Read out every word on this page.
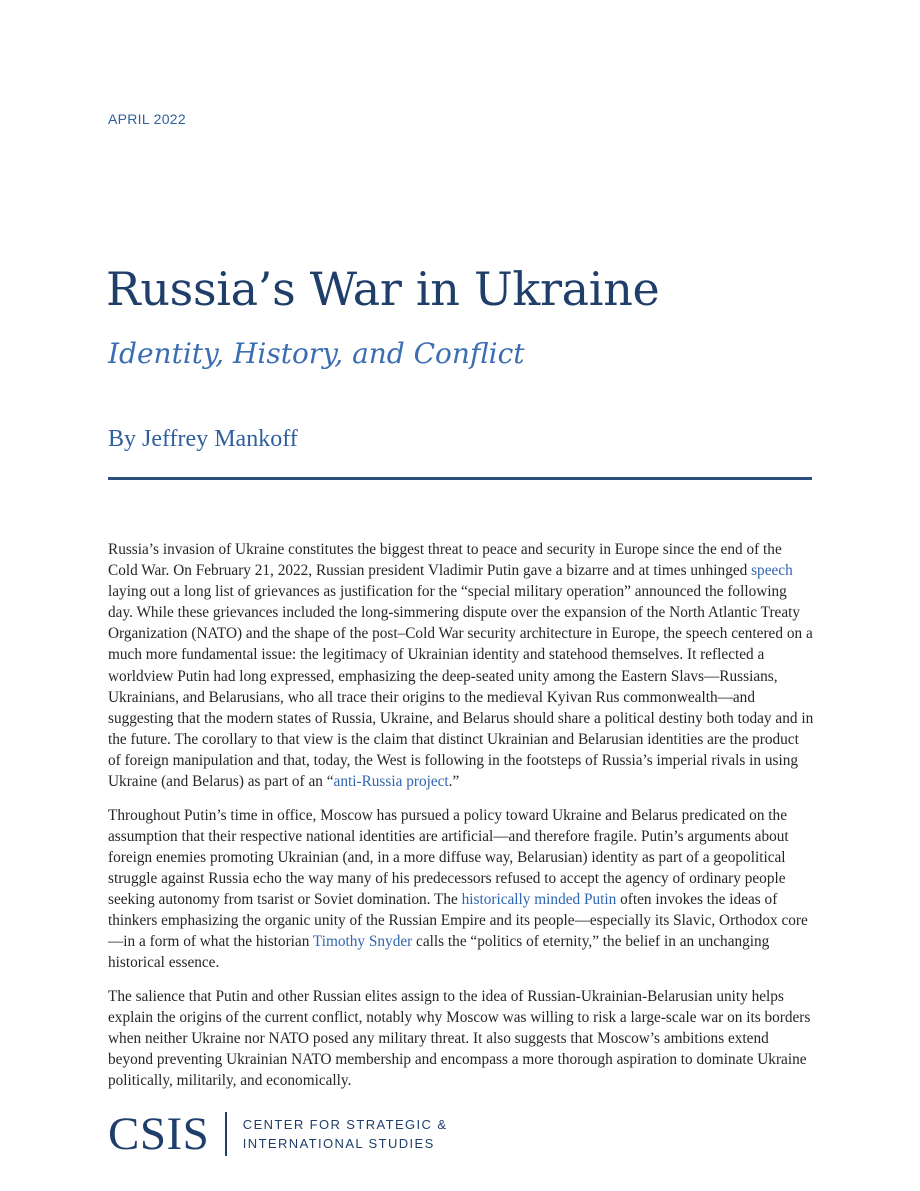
APRIL 2022
Russia’s War in Ukraine
Identity, History, and Conflict
By Jeffrey Mankoff

Russia’s invasion of Ukraine constitutes the biggest threat to peace and security in Europe since the end of the Cold War. On February 21, 2022, Russian president Vladimir Putin gave a bizarre and at times unhinged speech laying out a long list of grievances as justification for the “special military operation” announced the following day. While these grievances included the long-simmering dispute over the expansion of the North Atlantic Treaty Organization (NATO) and the shape of the post–Cold War security architecture in Europe, the speech centered on a much more fundamental issue: the legitimacy of Ukrainian identity and statehood themselves. It reflected a worldview Putin had long expressed, emphasizing the deep-seated unity among the Eastern Slavs—Russians, Ukrainians, and Belarusians, who all trace their origins to the medieval Kyivan Rus commonwealth—and suggesting that the modern states of Russia, Ukraine, and Belarus should share a political destiny both today and in the future. The corollary to that view is the claim that distinct Ukrainian and Belarusian identities are the product of foreign manipulation and that, today, the West is following in the footsteps of Russia’s imperial rivals in using Ukraine (and Belarus) as part of an “anti-Russia project.”

Throughout Putin’s time in office, Moscow has pursued a policy toward Ukraine and Belarus predicated on the assumption that their respective national identities are artificial—and therefore fragile. Putin’s arguments about foreign enemies promoting Ukrainian (and, in a more diffuse way, Belarusian) identity as part of a geopolitical struggle against Russia echo the way many of his predecessors refused to accept the agency of ordinary people seeking autonomy from tsarist or Soviet domination. The historically minded Putin often invokes the ideas of thinkers emphasizing the organic unity of the Russian Empire and its people—especially its Slavic, Orthodox core—in a form of what the historian Timothy Snyder calls the “politics of eternity,” the belief in an unchanging historical essence.

The salience that Putin and other Russian elites assign to the idea of Russian-Ukrainian-Belarusian unity helps explain the origins of the current conflict, notably why Moscow was willing to risk a large-scale war on its borders when neither Ukraine nor NATO posed any military threat. It also suggests that Moscow’s ambitions extend beyond preventing Ukrainian NATO membership and encompass a more thorough aspiration to dominate Ukraine politically, militarily, and economically.

CSIS	CENTER FOR STRATEGIC &
INTERNATIONAL STUDIES
